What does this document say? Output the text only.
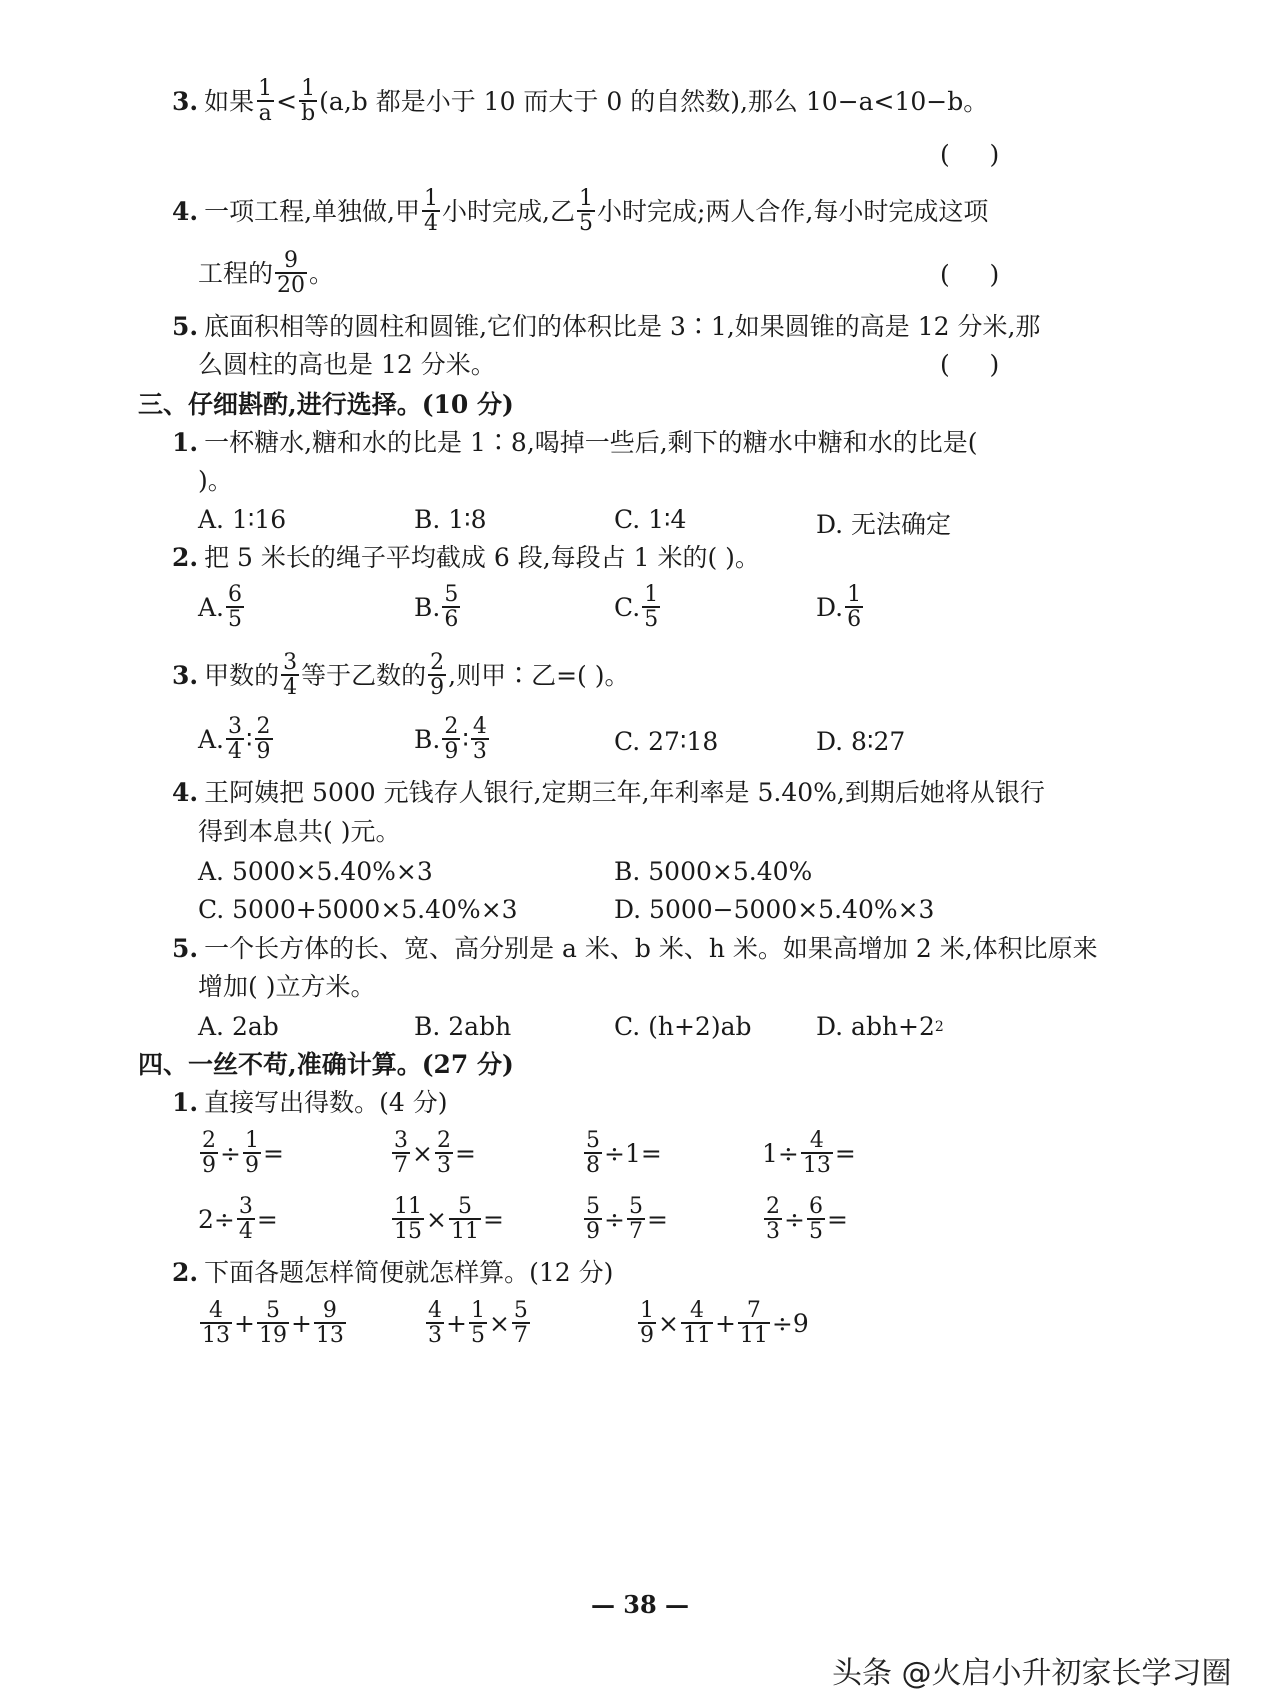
3. 如果 $\frac{1}{a} < \frac{1}{b} (a,b$ 都是小于 10 而大于 0 的自然数),那么 10−a<10−b。
(     )
4. 一项工程,单独做,甲 $\frac{1}{4}$ 小时完成,乙 $\frac{1}{5}$ 小时完成;两人合作,每小时完成这项
工程的 $\frac{9}{20}$ 。	(     )
5. 底面积相等的圆柱和圆锥,它们的体积比是 3∶1,如果圆锥的高是 12 分米,那
么圆柱的高也是 12 分米。	(     )
三、仔细斟酌,进行选择。(10 分)
1. 一杯糖水,糖和水的比是 1∶8,喝掉一些后,剩下的糖水中糖和水的比是(
)。
A. 1∶16	B. 1∶8	C. 1∶4	D. 无法确定
2. 把 5 米长的绳子平均截成 6 段,每段占 1 米的( )。
A. $\frac{6}{5}$	B. $\frac{5}{6}$	C. $\frac{1}{5}$	D. $\frac{1}{6}$
3. 甲数的 $\frac{3}{4}$ 等于乙数的 $\frac{2}{9}$ ,则甲∶乙=( )。
A. $\frac{3}{4}$ ∶ $\frac{2}{9}$	B. $\frac{2}{9}$ ∶ $\frac{4}{3}$	C. 27∶18	D. 8∶27
4. 王阿姨把 5000 元钱存人银行,定期三年,年利率是 5.40%,到期后她将从银行
得到本息共( )元。
A. 5000×5.40%×3	B. 5000×5.40%
C. 5000+5000×5.40%×3	D. 5000−5000×5.40%×3
5. 一个长方体的长、宽、高分别是 a 米、b 米、h 米。如果高增加 2 米,体积比原来
增加( )立方米。
A. 2ab	B. 2abh	C. (h+2)ab	D. abh+2 2
四、一丝不苟,准确计算。(27 分)
1. 直接写出得数。(4 分)
$\frac{2}{9} \div \frac{1}{9}$ =	$\frac{3}{7} \times \frac{2}{3}$ =	$\frac{5}{8} \div 1$ =	$1 \div \frac{4}{13}$ =
$2 \div \frac{3}{4}$ =	$\frac{11}{15} \times \frac{5}{11}$ =	$\frac{5}{9} \div \frac{5}{7}$ =	$\frac{2}{3} \div \frac{6}{5}$ =
2. 下面各题怎样简便就怎样算。(12 分)
$\frac{4}{13} + \frac{5}{19} + \frac{9}{13}$	$\frac{4}{3} + \frac{1}{5} \times \frac{5}{7}$	$\frac{1}{9} \times \frac{4}{11} + \frac{7}{11} \div 9$
— 38 —
头条 @火启小升初家长学习圈
